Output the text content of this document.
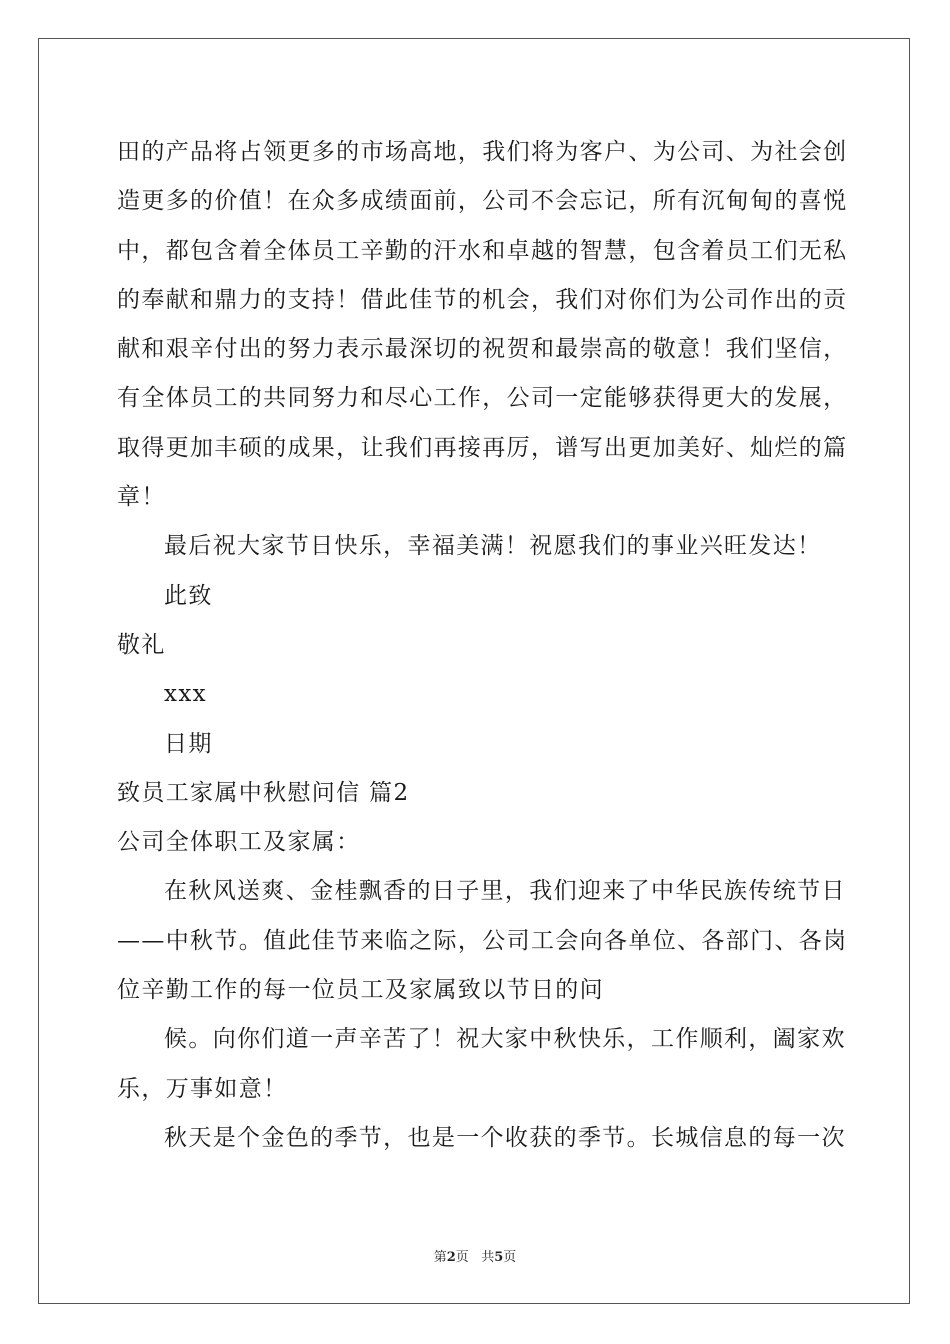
田的产品将占领更多的市场高地，我们将为客户、为公司、为社会创
造更多的价值！在众多成绩面前，公司不会忘记，所有沉甸甸的喜悦
中，都包含着全体员工辛勤的汗水和卓越的智慧，包含着员工们无私
的奉献和鼎力的支持！借此佳节的机会，我们对你们为公司作出的贡
献和艰辛付出的努力表示最深切的祝贺和最崇高的敬意！我们坚信，
有全体员工的共同努力和尽心工作，公司一定能够获得更大的发展，
取得更加丰硕的成果，让我们再接再厉，谱写出更加美好、灿烂的篇
章！
最后祝大家节日快乐，幸福美满！祝愿我们的事业兴旺发达！
此致
敬礼
xxx
日期
致员工家属中秋慰问信 篇2
公司全体职工及家属：
在秋风送爽、金桂飘香的日子里，我们迎来了中华民族传统节日
——中秋节。值此佳节来临之际，公司工会向各单位、各部门、各岗
位辛勤工作的每一位员工及家属致以节日的问
候。向你们道一声辛苦了！祝大家中秋快乐，工作顺利，阖家欢
乐，万事如意！
秋天是个金色的季节，也是一个收获的季节。长城信息的每一次
第2页 共5页
